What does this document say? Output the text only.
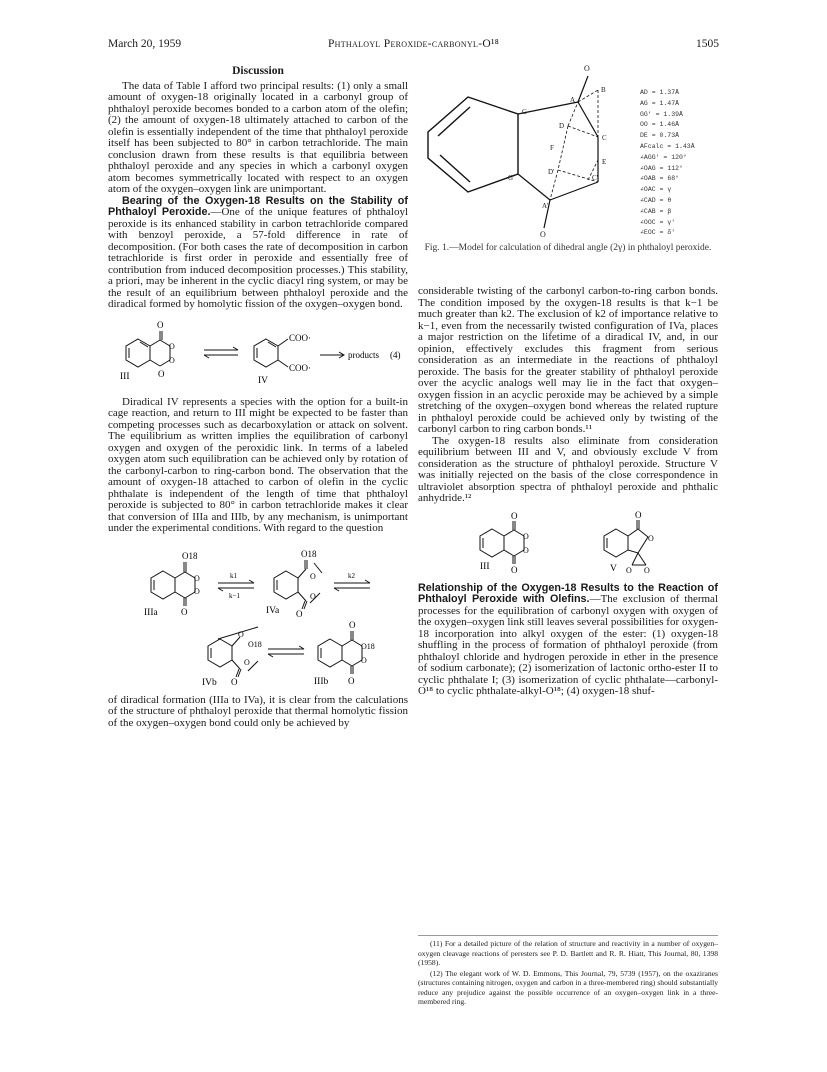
March 20, 1959	Phthaloyl Peroxide-carbonyl-O¹⁸	1505
Discussion

The data of Table I afford two principal results: (1) only a small amount of oxygen-18 originally located in a carbonyl group of phthaloyl peroxide becomes bonded to a carbon atom of the olefin; (2) the amount of oxygen-18 ultimately attached to carbon of the olefin is essentially independent of the time that phthaloyl peroxide itself has been subjected to 80° in carbon tetrachloride. The main conclusion drawn from these results is that equilibria between phthaloyl peroxide and any species in which a carbonyl oxygen atom becomes symmetrically located with respect to an oxygen atom of the oxygen–oxygen link are unimportant.

Bearing of the Oxygen-18 Results on the Stability of Phthaloyl Peroxide.—One of the unique features of phthaloyl peroxide is its enhanced stability in carbon tetrachloride compared with benzoyl peroxide, a 57-fold difference in rate of decomposition. (For both cases the rate of decomposition in carbon tetrachloride is first order in peroxide and essentially free of contribution from induced decomposition processes.) This stability, a priori, may be inherent in the cyclic diacyl ring system, or may be the result of an equilibrium between phthaloyl peroxide and the diradical formed by homolytic fission of the oxygen–oxygen bond.

O
O
O
O
III
COO·
COO·
IV
products (4)

Diradical IV represents a species with the option for a built-in cage reaction, and return to III might be expected to be faster than competing processes such as decarboxylation or attack on solvent. The equilibrium as written implies the equilibration of carbonyl oxygen and oxygen of the peroxidic link. In terms of a labeled oxygen atom such equilibration can be achieved only by rotation of the carbonyl-carbon to ring-carbon bond. The observation that the amount of oxygen-18 attached to carbon of olefin in the cyclic phthalate is independent of the length of time that phthaloyl peroxide is subjected to 80° in carbon tetrachloride makes it clear that conversion of IIIa and IIIb, by any mechanism, is unimportant under the experimental conditions. With regard to the question

O18
O
O
O
IIIa
k1
k−1
O18
O
O
O
IVa
k2
O
O18
O
O
IVb
O
O18
O
O
IIIb

of diradical formation (IIIa to IVa), it is clear from the calculations of the structure of phthaloyl peroxide that thermal homolytic fission of the oxygen–oxygen bond could only be achieved by

O
B
A
D
C
G
F
E
G'
D'
C'
A'
O
AD = 1.37Å
AG = 1.47Å
GG' = 1.39Å
OO = 1.46Å
DE = 0.73Å
AFcalc = 1.43Å
∠AGG' = 120°
∠OAG = 112°
∠OAB = 68°
∠OAC = γ
∠CAD = θ
∠CAB = β
∠OOC = γ'
∠EOC = δ'
Fig. 1.—Model for calculation of dihedral angle (2γ) in phthaloyl peroxide.

considerable twisting of the carbonyl carbon-to-ring carbon bonds. The condition imposed by the oxygen-18 results is that k−1 be much greater than k2. The exclusion of k2 of importance relative to k−1, even from the necessarily twisted configuration of IVa, places a major restriction on the lifetime of a diradical IV, and, in our opinion, effectively excludes this fragment from serious consideration as an intermediate in the reactions of phthaloyl peroxide. The basis for the greater stability of phthaloyl peroxide over the acyclic analogs well may lie in the fact that oxygen–oxygen fission in an acyclic peroxide may be achieved by a simple stretching of the oxygen–oxygen bond whereas the related rupture in phthaloyl peroxide could be achieved only by twisting of the carbonyl carbon to ring carbon bonds.¹¹

The oxygen-18 results also eliminate from consideration equilibrium between III and V, and obviously exclude V from consideration as the structure of phthaloyl peroxide. Structure V was initially rejected on the basis of the close correspondence in ultraviolet absorption spectra of phthaloyl peroxide and phthalic anhydride.¹²

O
O
O
O
III
O
O
O O
V

Relationship of the Oxygen-18 Results to the Reaction of Phthaloyl Peroxide with Olefins.—The exclusion of thermal processes for the equilibration of carbonyl oxygen with oxygen of the oxygen–oxygen link still leaves several possibilities for oxygen-18 incorporation into alkyl oxygen of the ester: (1) oxygen-18 shuffling in the process of formation of phthaloyl peroxide (from phthaloyl chloride and hydrogen peroxide in ether in the presence of sodium carbonate); (2) isomerization of lactonic ortho-ester II to cyclic phthalate I; (3) isomerization of cyclic phthalate—carbonyl-O¹⁸ to cyclic phthalate-alkyl-O¹⁸; (4) oxygen-18 shuf-

(11) For a detailed picture of the relation of structure and reactivity in a number of oxygen–oxygen cleavage reactions of peresters see P. D. Bartlett and R. R. Hiatt, This Journal, 80, 1398 (1958).

(12) The elegant work of W. D. Emmons, This Journal, 79, 5739 (1957), on the oxaziranes (structures containing nitrogen, oxygen and carbon in a three-membered ring) should substantially reduce any prejudice against the possible occurrence of an oxygen–oxygen link in a three-membered ring.
